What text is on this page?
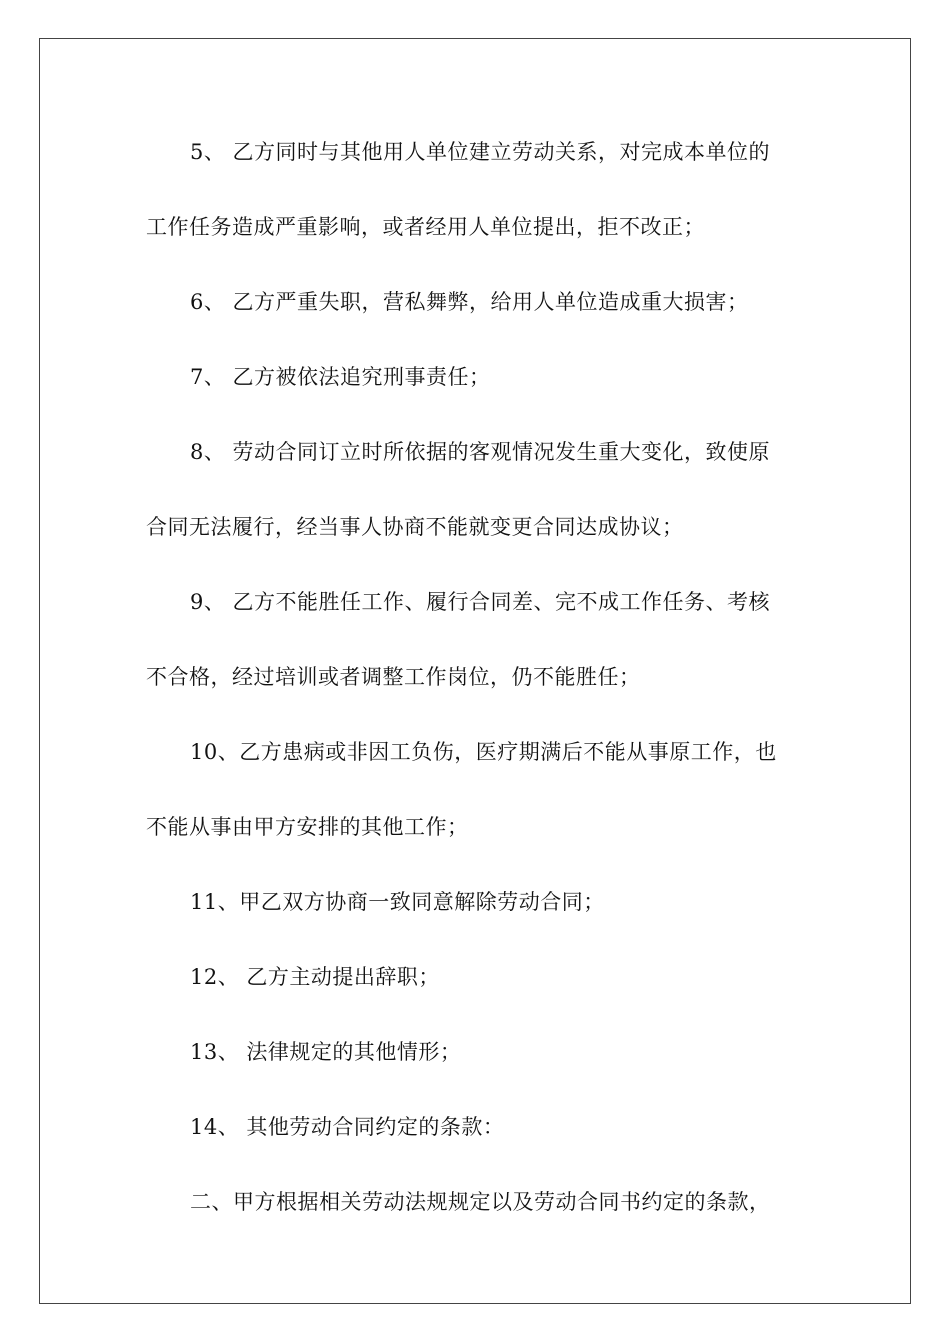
5、 乙方同时与其他用人单位建立劳动关系，对完成本单位的
工作任务造成严重影响，或者经用人单位提出，拒不改正；
6、 乙方严重失职，营私舞弊，给用人单位造成重大损害；
7、 乙方被依法追究刑事责任；
8、 劳动合同订立时所依据的客观情况发生重大变化，致使原
合同无法履行，经当事人协商不能就变更合同达成协议；
9、 乙方不能胜任工作、履行合同差、完不成工作任务、考核
不合格，经过培训或者调整工作岗位，仍不能胜任；
10、乙方患病或非因工负伤，医疗期满后不能从事原工作，也
不能从事由甲方安排的其他工作；
11、甲乙双方协商一致同意解除劳动合同；
12、 乙方主动提出辞职；
13、 法律规定的其他情形；
14、 其他劳动合同约定的条款：
二、甲方根据相关劳动法规规定以及劳动合同书约定的条款，
